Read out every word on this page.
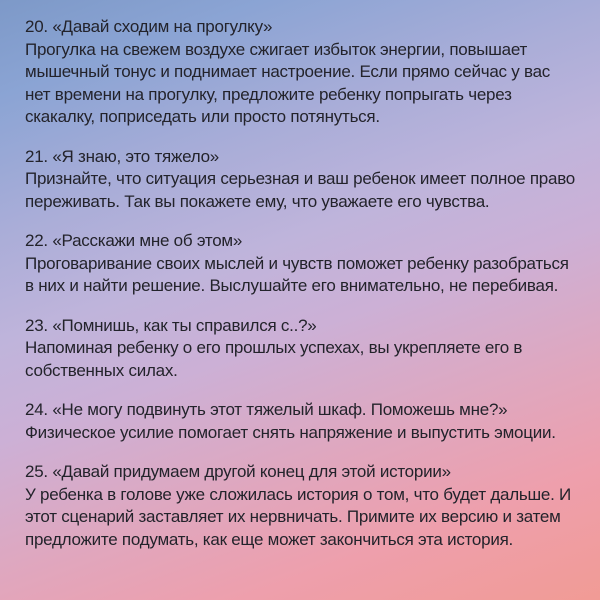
20. «Давай сходим на прогулку»
Прогулка на свежем воздухе сжигает избыток энергии, повышает мышечный тонус и поднимает настроение. Если прямо сейчас у вас нет времени на прогулку, предложите ребенку попрыгать через скакалку, поприседать или просто потянуться.
21. «Я знаю, это тяжело»
Признайте, что ситуация серьезная и ваш ребенок имеет полное право переживать. Так вы покажете ему, что уважаете его чувства.
22. «Расскажи мне об этом»
Проговаривание своих мыслей и чувств поможет ребенку разобраться в них и найти решение. Выслушайте его внимательно, не перебивая.
23. «Помнишь, как ты справился с..?»
Напоминая ребенку о его прошлых успехах, вы укрепляете его в собственных силах.
24. «Не могу подвинуть этот тяжелый шкаф. Поможешь мне?»
Физическое усилие помогает снять напряжение и выпустить эмоции.
25. «Давай придумаем другой конец для этой истории»
У ребенка в голове уже сложилась история о том, что будет дальше. И этот сценарий заставляет их нервничать. Примите их версию и затем предложите подумать, как еще может закончиться эта история.
